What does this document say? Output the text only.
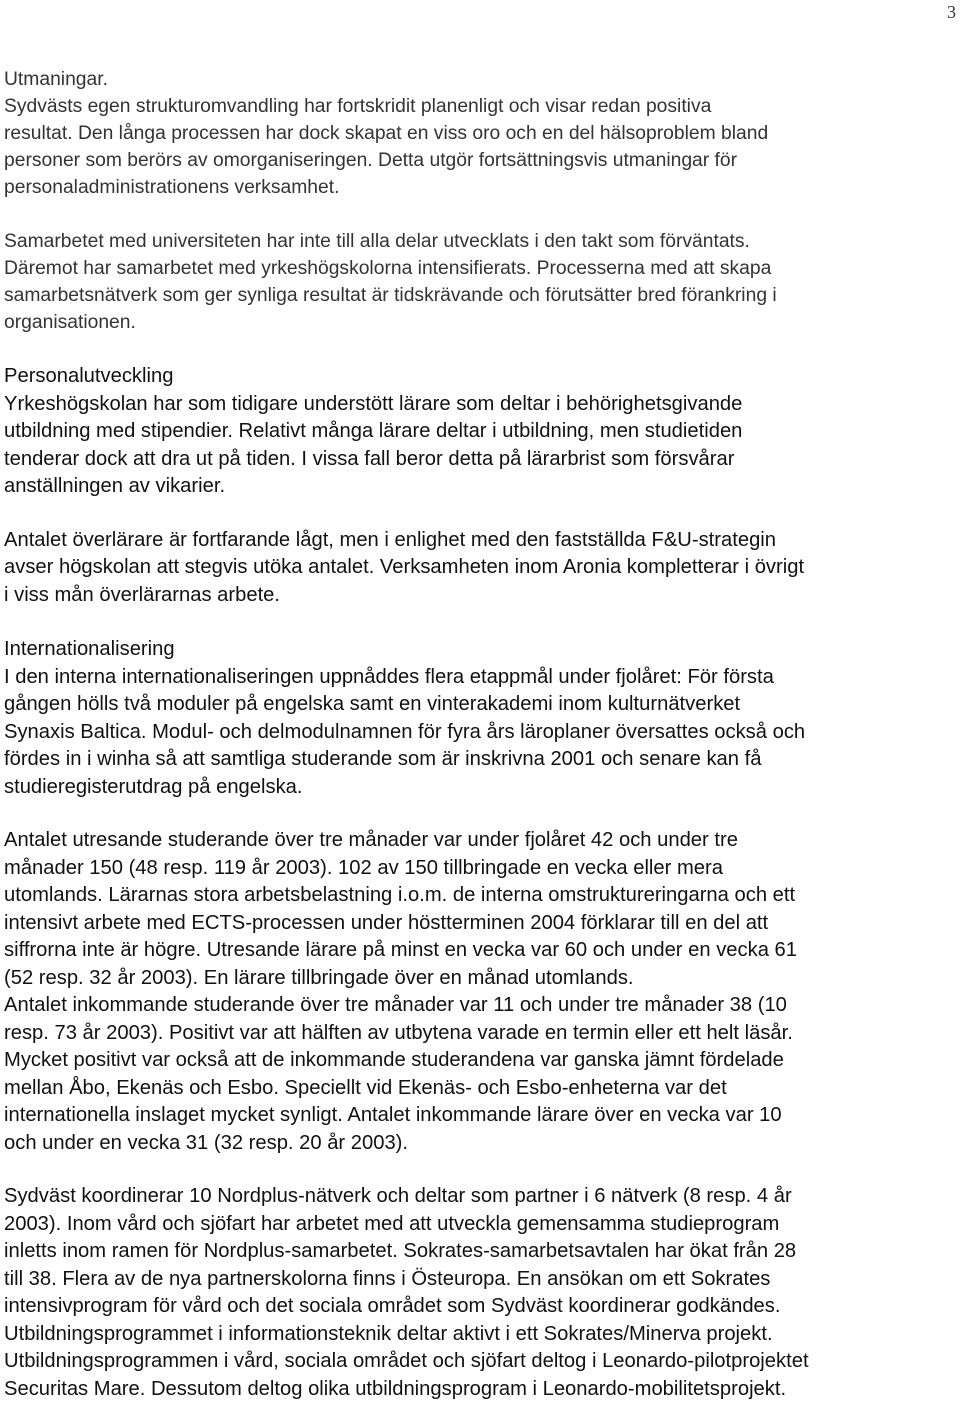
3
Utmaningar.
Sydvästs egen strukturomvandling har fortskridit planenligt och visar redan positiva
resultat. Den långa processen har dock skapat en viss oro och en del hälsoproblem bland
personer som berörs av omorganiseringen. Detta utgör fortsättningsvis utmaningar för
personaladministrationens verksamhet.
Samarbetet med universiteten har inte till alla delar utvecklats i den takt som förväntats.
Däremot har samarbetet med yrkeshögskolorna intensifierats. Processerna med att skapa
samarbetsnätverk som ger synliga resultat är tidskrävande och förutsätter bred förankring i
organisationen.
Personalutveckling
Yrkeshögskolan har som tidigare understött lärare som deltar i behörighetsgivande
utbildning med stipendier. Relativt många lärare deltar i utbildning, men studietiden
tenderar dock att dra ut på tiden. I vissa fall beror detta på lärarbrist som försvårar
anställningen av vikarier.
Antalet överlärare är fortfarande lågt, men i enlighet med den fastställda F&U-strategin
avser högskolan att stegvis utöka antalet. Verksamheten inom Aronia kompletterar i övrigt
i viss mån överlärarnas arbete.
Internationalisering
I den interna internationaliseringen uppnåddes flera etappmål under fjolåret: För första
gången hölls två moduler på engelska samt en vinterakademi inom kulturnätverket
Synaxis Baltica. Modul- och delmodulnamnen för fyra års läroplaner översattes också och
fördes in i winha så att samtliga studerande som är inskrivna 2001 och senare kan få
studieregisterutdrag på engelska.
Antalet utresande studerande över tre månader var under fjolåret 42 och under tre
månader 150 (48 resp. 119 år 2003). 102 av 150 tillbringade en vecka eller mera
utomlands. Lärarnas stora arbetsbelastning i.o.m. de interna omstruktureringarna och ett
intensivt arbete med ECTS-processen under höstterminen 2004 förklarar till en del att
siffrorna inte är högre. Utresande lärare på minst en vecka var 60 och under en vecka 61
(52 resp. 32 år 2003). En lärare tillbringade över en månad utomlands.
Antalet inkommande studerande över tre månader var 11 och under tre månader 38 (10
resp. 73 år 2003). Positivt var att hälften av utbytena varade en termin eller ett helt läsår.
Mycket positivt var också att de inkommande studerandena var ganska jämnt fördelade
mellan Åbo, Ekenäs och Esbo. Speciellt vid Ekenäs- och Esbo-enheterna var det
internationella inslaget mycket synligt. Antalet inkommande lärare över en vecka var 10
och under en vecka 31 (32 resp. 20 år 2003).
Sydväst koordinerar 10 Nordplus-nätverk och deltar som partner i 6 nätverk (8 resp. 4 år
2003). Inom vård och sjöfart har arbetet med att utveckla gemensamma studieprogram
inletts inom ramen för Nordplus-samarbetet. Sokrates-samarbetsavtalen har ökat från 28
till 38. Flera av de nya partnerskolorna finns i Östeuropa. En ansökan om ett Sokrates
intensivprogram för vård och det sociala området som Sydväst koordinerar godkändes.
Utbildningsprogrammet i informationsteknik deltar aktivt i ett Sokrates/Minerva projekt.
Utbildningsprogrammen i vård, sociala området och sjöfart deltog i Leonardo-pilotprojektet
Securitas Mare. Dessutom deltog olika utbildningsprogram i Leonardo-mobilitetsprojekt.
